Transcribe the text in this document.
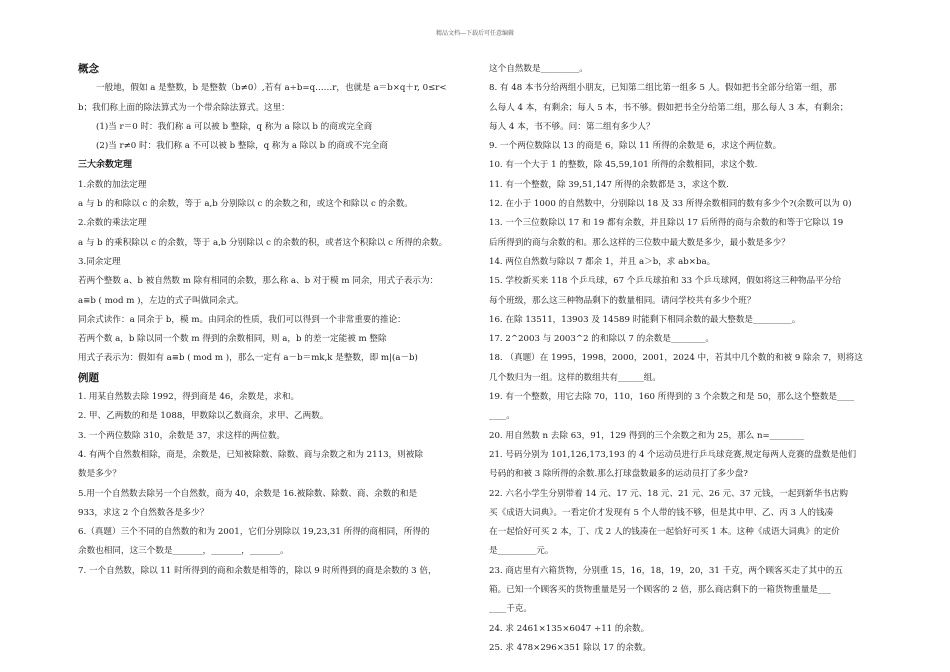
精品文档---下载后可任意编辑

概念

一般地，假如 a 是整数，b 是整数（b≠0）,若有 a÷b=q……r，也就是 a＝b×q＋r, 0≤r<

b；我们称上面的除法算式为一个带余除法算式。这里：

(1)当 r＝0 时：我们称 a 可以被 b 整除，q 称为 a 除以 b 的商或完全商

(2)当 r≠0 时：我们称 a 不可以被 b 整除，q 称为 a 除以 b 的商或不完全商

三大余数定理

1.余数的加法定理

a 与 b 的和除以 c 的余数，等于 a,b 分别除以 c 的余数之和，或这个和除以 c 的余数。

2.余数的乘法定理

a 与 b 的乘积除以 c 的余数，等于 a,b 分别除以 c 的余数的积，或者这个积除以 c 所得的余数。

3.同余定理

若两个整数 a、b 被自然数 m 除有相同的余数，那么称 a、b 对于模 m 同余，用式子表示为：

a≡b ( mod m )，左边的式子叫做同余式。

同余式读作：a 同余于 b，模 m。由同余的性质，我们可以得到一个非常重要的推论：

若两个数 a，b 除以同一个数 m 得到的余数相同，则 a，b 的差一定能被 m 整除

用式子表示为：假如有 a≡b ( mod m )，那么一定有 a－b＝mk,k 是整数，即 m|(a－b)

例题

1. 用某自然数去除 1992，得到商是 46，余数是，求和。

2. 甲、乙两数的和是 1088，甲数除以乙数商余，求甲、乙两数。

3. 一个两位数除 310，余数是 37，求这样的两位数。

4. 有两个自然数相除，商是，余数是，已知被除数、除数、商与余数之和为 2113，则被除

数是多少？

5.用一个自然数去除另一个自然数，商为 40，余数是 16.被除数、除数、商、余数的和是

933，求这 2 个自然数各是多少？

6.（真题）三个不同的自然数的和为 2001，它们分别除以 19,23,31 所得的商相同，所得的

余数也相同，这三个数是_______，_______，_______。

7. 一个自然数，除以 11 时所得到的商和余数是相等的，除以 9 时所得到的商是余数的 3 倍，

这个自然数是_________。

8. 有 48 本书分给两组小朋友，已知第二组比第一组多 5 人。假如把书全部分给第一组，那

么每人 4 本，有剩余；每人 5 本，书不够。假如把书全分给第二组，那么每人 3 本，有剩余；

每人 4 本，书不够。问：第二组有多少人？

9. 一个两位数除以 13 的商是 6，除以 11 所得的余数是 6，求这个两位数。

10. 有一个大于 1 的整数，除 45,59,101 所得的余数相同，求这个数.

11. 有一个整数，除 39,51,147 所得的余数都是 3，求这个数.

12. 在小于 1000 的自然数中，分别除以 18 及 33 所得余数相同的数有多少个?(余数可以为 0)

13. 一个三位数除以 17 和 19 都有余数，并且除以 17 后所得的商与余数的和等于它除以 19

后所得到的商与余数的和。那么这样的三位数中最大数是多少，最小数是多少？

14. 两位自然数与除以 7 都余 1，并且 a＞b，求 ab×ba。

15. 学校新买来 118 个乒乓球，67 个乒乓球拍和 33 个乒乓球网，假如将这三种物品平分给

每个班级，那么这三种物品剩下的数量相同。请问学校共有多少个班？

16. 在除 13511，13903 及 14589 时能剩下相同余数的最大整数是_________。

17. 2^2003 与 2003^2 的和除以 7 的余数是________。

18. （真题）在 1995，1998，2000，2001，2024 中，若其中几个数的和被 9 除余 7，则将这

几个数归为一组。这样的数组共有______组。

19. 有一个整数，用它去除 70，110，160 所得到的 3 个余数之和是 50，那么这个整数是____

____。

20. 用自然数 n 去除 63，91，129 得到的三个余数之和为 25，那么 n=________

21. 号码分别为 101,126,173,193 的 4 个运动员进行乒乓球竞赛,规定每两人竞赛的盘数是他们

号码的和被 3 除所得的余数.那么打球盘数最多的运动员打了多少盘?

22. 六名小学生分别带着 14 元、17 元、18 元、21 元、26 元、37 元钱，一起到新华书店购

买《成语大词典》。一看定价才发现有 5 个人带的钱不够，但是其中甲、乙、丙 3 人的钱凑

在一起恰好可买 2 本，丁、戊 2 人的钱凑在一起恰好可买 1 本。这种《成语大词典》的定价

是_________元。

23. 商店里有六箱货物，分别重 15，16，18，19，20，31 千克，两个顾客买走了其中的五

箱。已知一个顾客买的货物重量是另一个顾客的 2 倍，那么商店剩下的一箱货物重量是___

____千克。

24. 求 2461×135×6047 ÷11 的余数。

25. 求 478×296×351 除以 17 的余数。
